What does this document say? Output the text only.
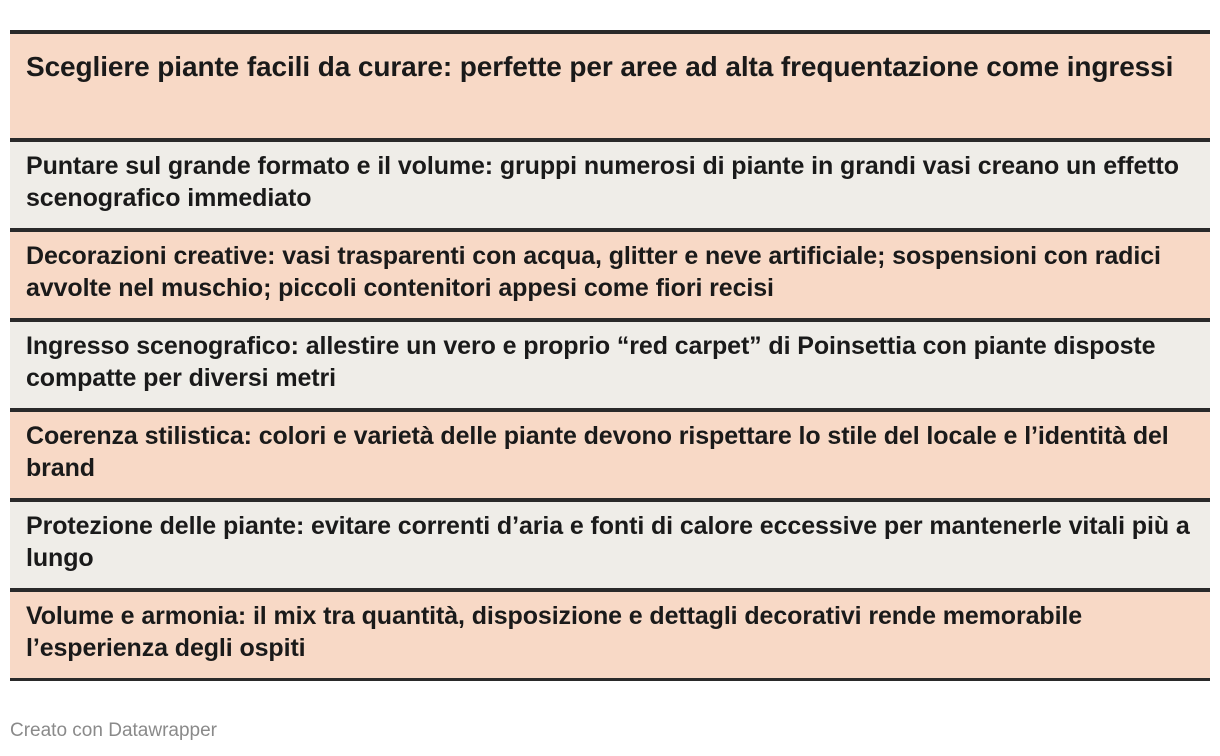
Scegliere piante facili da curare: perfette per aree ad alta frequentazione come ingressi
Puntare sul grande formato e il volume: gruppi numerosi di piante in grandi vasi creano un effetto scenografico immediato
Decorazioni creative: vasi trasparenti con acqua, glitter e neve artificiale; sospensioni con radici avvolte nel muschio; piccoli contenitori appesi come fiori recisi
Ingresso scenografico: allestire un vero e proprio “red carpet” di Poinsettia con piante disposte compatte per diversi metri
Coerenza stilistica: colori e varietà delle piante devono rispettare lo stile del locale e l’identità del brand
Protezione delle piante: evitare correnti d’aria e fonti di calore eccessive per mantenerle vitali più a lungo
Volume e armonia: il mix tra quantità, disposizione e dettagli decorativi rende memorabile l’esperienza degli ospiti
Creato con Datawrapper
